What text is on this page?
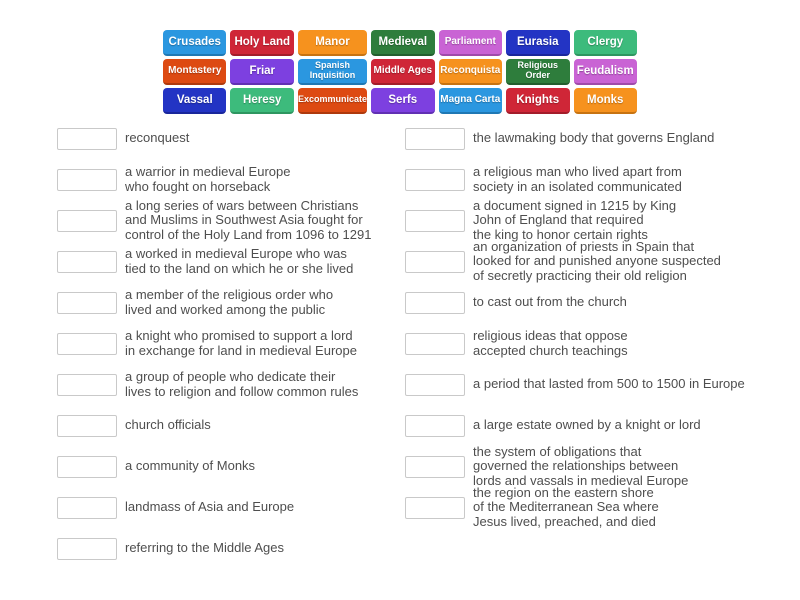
Crusades Holy Land Manor Medieval Parliament Eurasia	Clergy
Montastery Friar	Spanish
Inquisition Middle Ages Reconquista Religious
Order Feudalism
Vassal	Heresy Excommunicate Serfs Magna Carta Knights Monks
reconquest
a warrior in medieval Europe
who fought on horseback
a long series of wars between Christians
and Muslims in Southwest Asia fought for
control of the Holy Land from 1096 to 1291
a worked in medieval Europe who was
tied to the land on which he or she lived
a member of the religious order who
lived and worked among the public
a knight who promised to support a lord
in exchange for land in medieval Europe
a group of people who dedicate their
lives to religion and follow common rules
church officials
a community of Monks
landmass of Asia and Europe
referring to the Middle Ages
the lawmaking body that governs England
a religious man who lived apart from
society in an isolated communicated
a document signed in 1215 by King
John of England that required
the king to honor certain rights
an organization of priests in Spain that
looked for and punished anyone suspected
of secretly practicing their old religion
to cast out from the church
religious ideas that oppose
accepted church teachings
a period that lasted from 500 to 1500 in Europe
a large estate owned by a knight or lord
the system of obligations that
governed the relationships between
lords and vassals in medieval Europe
the region on the eastern shore
of the Mediterranean Sea where
Jesus lived, preached, and died
